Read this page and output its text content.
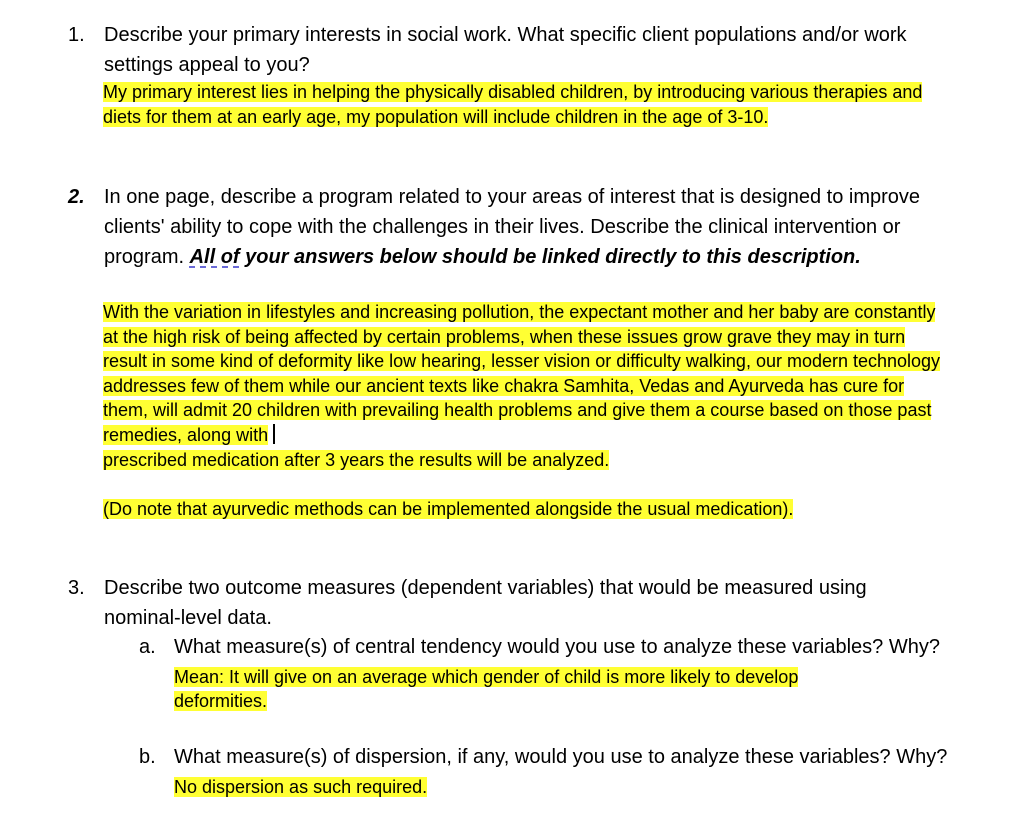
1. Describe your primary interests in social work. What specific client populations and/or work settings appeal to you?

My primary interest lies in helping the physically disabled children, by introducing various therapies and diets for them at an early age, my population will include children in the age of 3-10.

2. In one page, describe a program related to your areas of interest that is designed to improve clients' ability to cope with the challenges in their lives. Describe the clinical intervention or program. All of your answers below should be linked directly to this description.

With the variation in lifestyles and increasing pollution, the expectant mother and her baby are constantly at the high risk of being affected by certain problems, when these issues grow grave they may in turn result in some kind of deformity like low hearing, lesser vision or difficulty walking, our modern technology addresses few of them while our ancient texts like chakra Samhita, Vedas and Ayurveda has cure for them, will admit 20 children with prevailing health problems and give them a course based on those past remedies, along with
prescribed medication after 3 years the results will be analyzed.

(Do note that ayurvedic methods can be implemented alongside the usual medication).

3. Describe two outcome measures (dependent variables) that would be measured using nominal-level data.

a. What measure(s) of central tendency would you use to analyze these variables? Why? Mean: It will give on an average which gender of child is more likely to develop

deformities.

b. What measure(s) of dispersion, if any, would you use to analyze these variables? Why?  No dispersion as such required.
